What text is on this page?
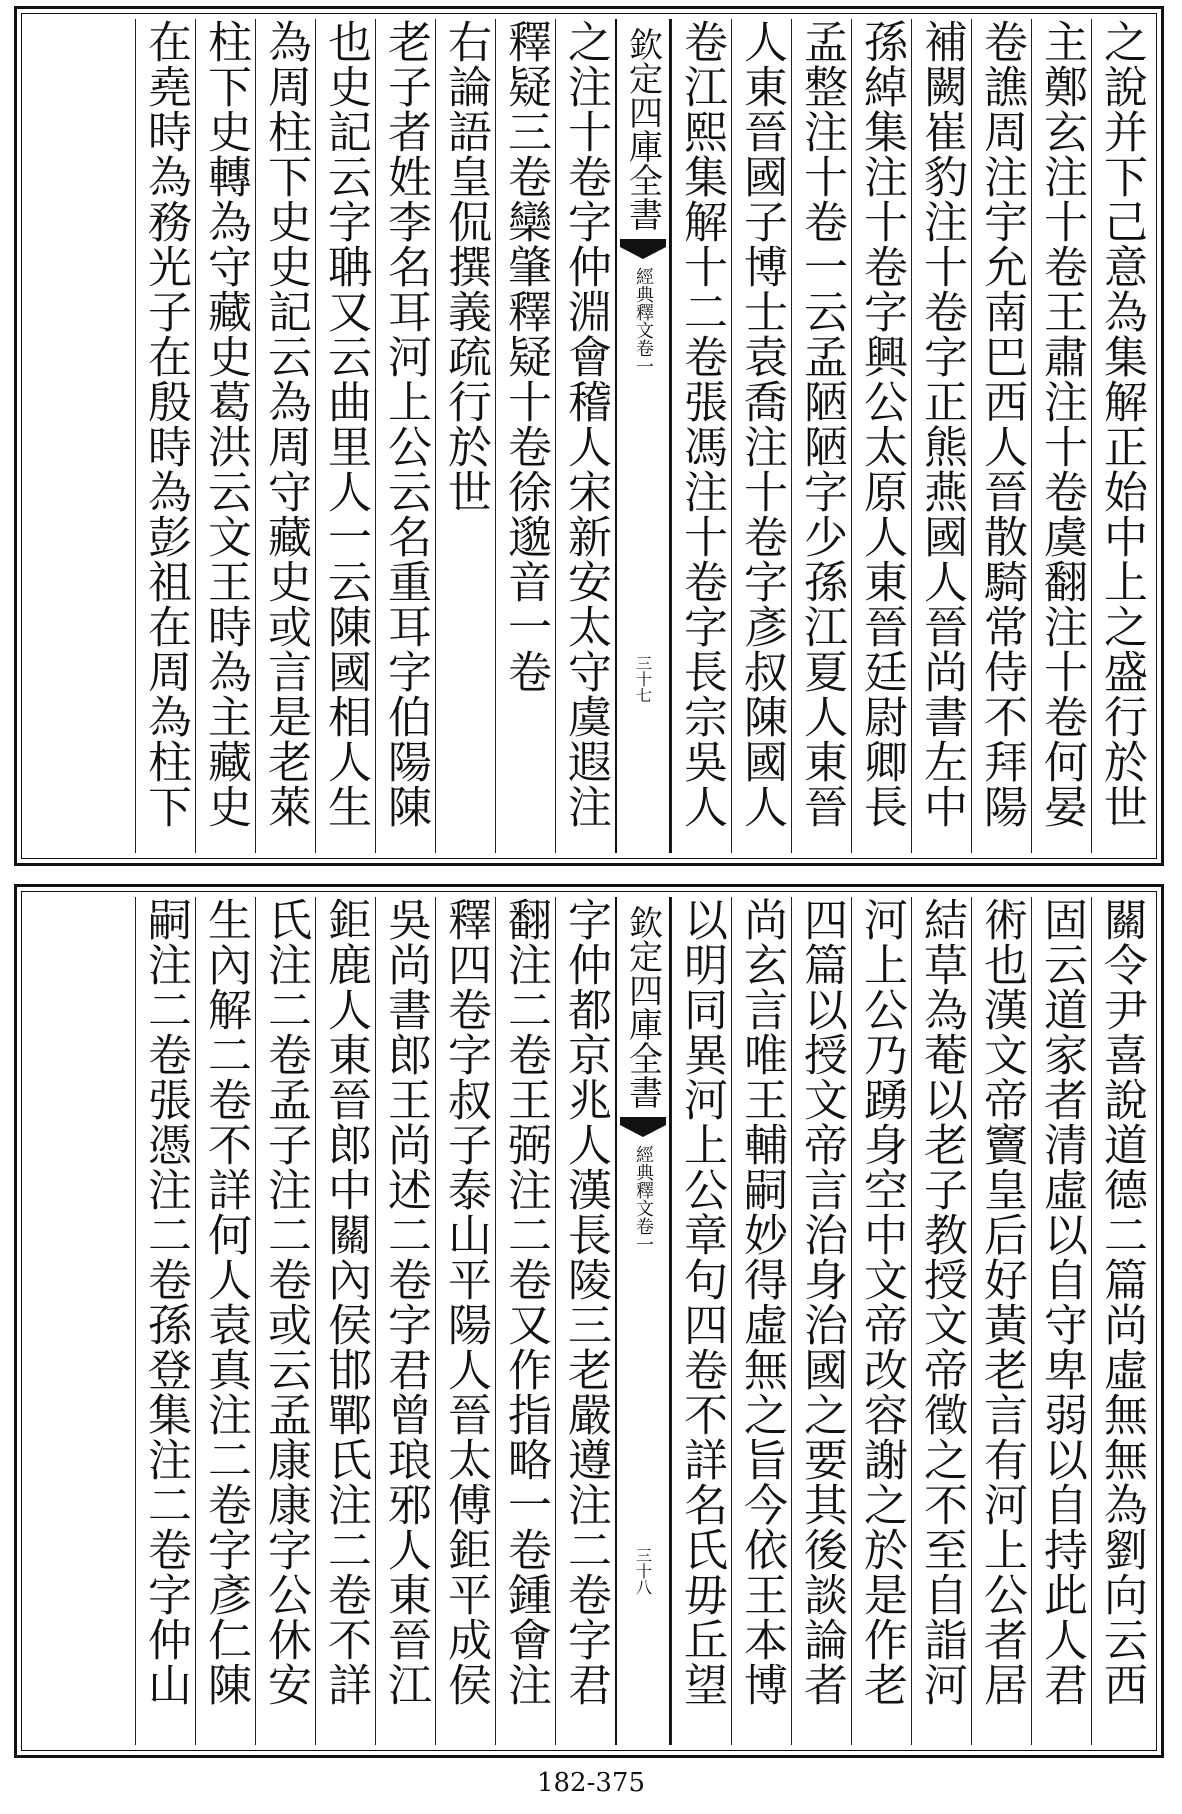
之說并下己意為集解正始中上之盛行於世
主鄭玄注十卷王肅注十卷虞翻注十卷何晏
卷譙周注宇允南巴西人晉散騎常侍不拜陽
補闕崔豹注十卷字正熊燕國人晉尚書左中
孫綽集注十卷字興公太原人東晉廷尉卿長
孟整注十卷一云孟陋陋字少孫江夏人東晉
人東晉國子博士袁喬注十卷字彥叔陳國人
卷江熙集解十二卷張馮注十卷字長宗吳人
欽定四庫全書
經典釋文
卷一
三十七
之注十卷字仲淵會稽人宋新安太守虞遐注
釋疑三卷欒肇釋疑十卷徐邈音一卷
右論語皇侃撰義疏行於世
老子者姓李名耳河上公云名重耳字伯陽陳
也史記云字聃又云曲里人一云陳國相人生
為周柱下史史記云為周守藏史或言是老萊
柱下史轉為守藏史葛洪云文王時為主藏史
在堯時為務光子在殷時為彭祖在周為柱下
關令尹喜說道德二篇尚虛無無為劉向云西
固云道家者清虛以自守卑弱以自持此人君
術也漢文帝竇皇后好黃老言有河上公者居
結草為菴以老子教授文帝徵之不至自詣河
河上公乃踴身空中文帝改容謝之於是作老
四篇以授文帝言治身治國之要其後談論者
尚玄言唯王輔嗣妙得虛無之旨今依王本博
以明同異河上公章句四卷不詳名氏毋丘望
欽定四庫全書
經典釋文
卷一
三十八
字仲都京兆人漢長陵三老嚴遵注二卷字君
翻注二卷王弼注二卷又作指略一卷鍾會注
釋四卷字叔子泰山平陽人晉太傅鉅平成侯
吳尚書郎王尚述二卷字君曾琅邪人東晉江
鉅鹿人東晉郎中關內侯邯鄲氏注二卷不詳
氏注二卷孟子注二卷或云孟康康字公休安
生內解二卷不詳何人袁真注二卷字彥仁陳
嗣注二卷張憑注二卷孫登集注二卷字仲山
182-375
